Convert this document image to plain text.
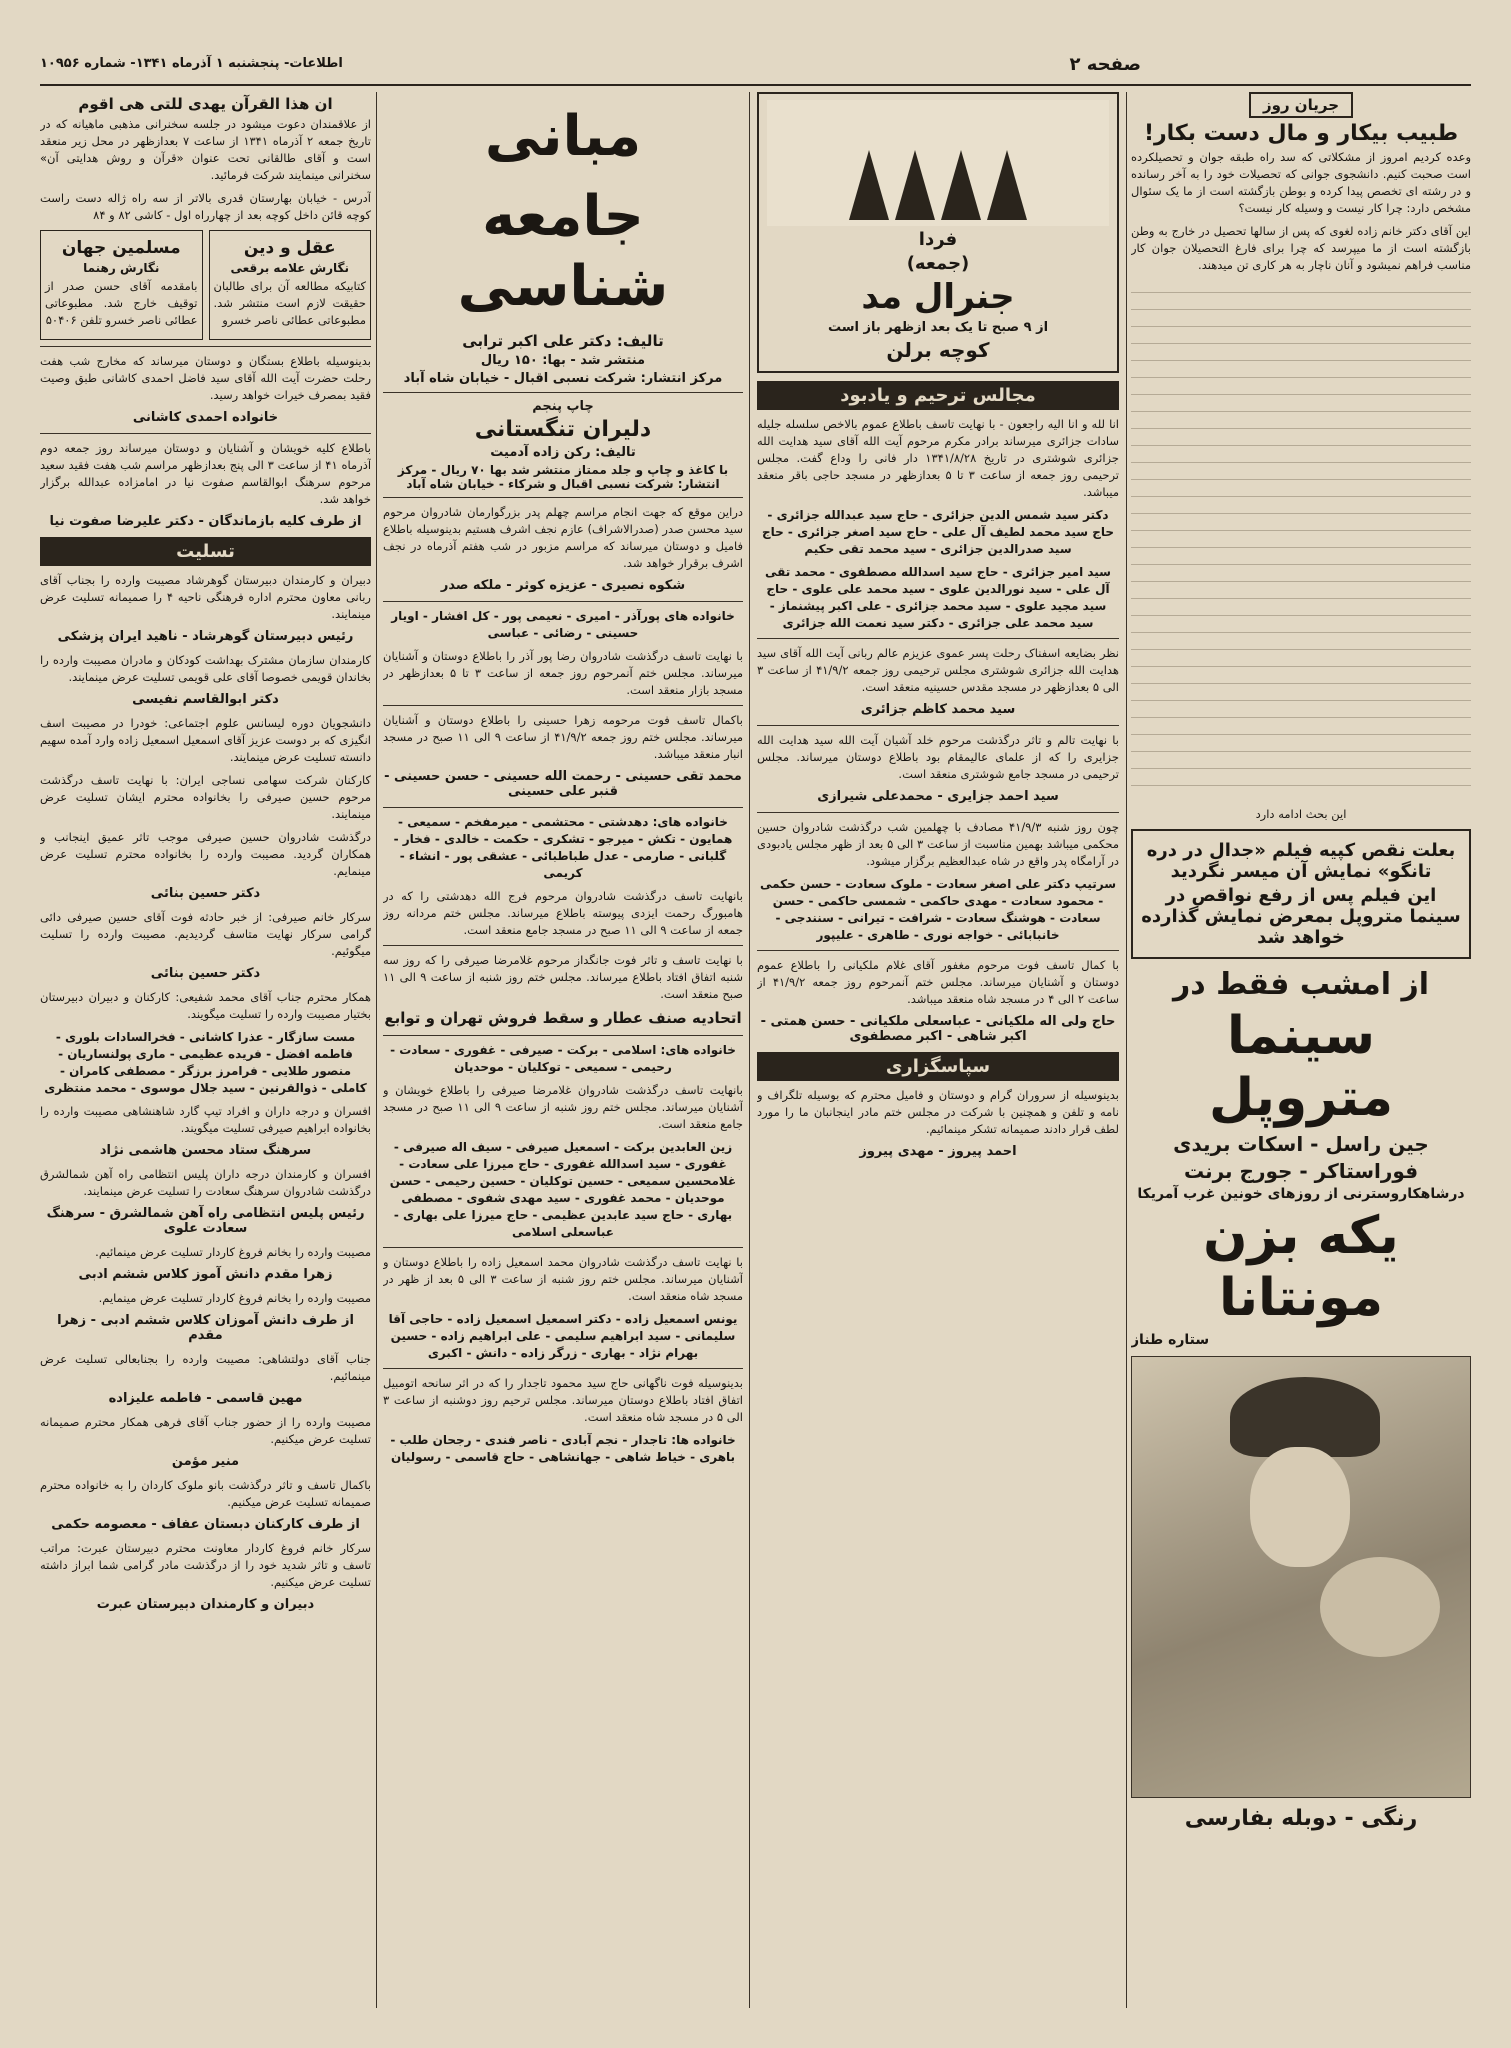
صفحه ۲
اطلاعات- پنجشنبه ۱ آذرماه ۱۳۴۱- شماره ۱۰۹۵۶
جریان روز
طبیب بیکار و مال دست بکار!
وعده کردیم امروز از مشکلاتی که سد راه طبقه جوان و تحصیلکرده است صحبت کنیم. دانشجوی جوانی که تحصیلات خود را به آخر رسانده و در رشته ای تخصص پیدا کرده و بوطن بازگشته است از ما یک سئوال مشخص دارد: چرا کار نیست و وسیله کار نیست؟
این آقای دکتر خانم زاده لغوی که پس از سالها تحصیل در خارج به وطن بازگشته است از ما میپرسد که چرا برای فارغ التحصیلان جوان کار مناسب فراهم نمیشود و آنان ناچار به هر کاری تن میدهند.
این بحث ادامه دارد
بعلت نقص کپیه فیلم «جدال در دره تانگو» نمایش آن میسر نگردید
این فیلم پس از رفع نواقص در سینما متروپل بمعرض نمایش گذارده خواهد شد
از امشب فقط در
سینما متروپل
جین راسل - اسکات بریدی
فوراستاکر - جورج برنت
درشاهکاروسترنی از روزهای خونین غرب آمریکا
یکه بزن مونتانا
ستاره طناز
رنگی - دوبله بفارسی
فردا
(جمعه)
جنرال مد
از ۹ صبح تا یک بعد ازظهر باز است
کوچه برلن
مجالس ترحیم و یادبود
انا لله و انا الیه راجعون - با نهایت تاسف باطلاع عموم بالاخص سلسله جلیله سادات جزائری میرساند برادر مکرم مرحوم آیت الله آقای سید هدایت الله جزائری شوشتری در تاریخ ۱۳۴۱/۸/۲۸ دار فانی را وداع گفت. مجلس ترحیمی روز جمعه از ساعت ۳ تا ۵ بعدازظهر در مسجد حاجی باقر منعقد میباشد.
دکتر سید شمس الدین جزائری - حاج سید عبدالله جزائری - حاج سید محمد لطیف آل علی - حاج سید اصغر جزائری - حاج سید صدرالدین جزائری - سید محمد تقی حکیم
سید امیر جزائری - حاج سید اسدالله مصطفوی - محمد تقی آل علی - سید نورالدین علوی - سید محمد علی علوی - حاج سید مجید علوی - سید محمد جزائری - علی اکبر پیشنماز - سید محمد علی جزائری - دکتر سید نعمت الله جزائری
نظر بضایعه اسفناک رحلت پسر عموی عزیزم عالم ربانی آیت الله آقای سید هدایت الله جزائری شوشتری مجلس ترحیمی روز جمعه ۴۱/۹/۲ از ساعت ۳ الی ۵ بعدازظهر در مسجد مقدس حسینیه منعقد است.
سید محمد کاظم جزائری
با نهایت تالم و تاثر درگذشت مرحوم خلد آشیان آیت الله سید هدایت الله جزایری را که از علمای عالیمقام بود باطلاع دوستان میرساند. مجلس ترحیمی در مسجد جامع شوشتری منعقد است.
سید احمد جزایری - محمدعلی شیرازی
چون روز شنبه ۴۱/۹/۳ مصادف با چهلمین شب درگذشت شادروان حسین محکمی میباشد بهمین مناسبت از ساعت ۳ الی ۵ بعد از ظهر مجلس یادبودی در آرامگاه پدر واقع در شاه عبدالعظیم برگزار میشود.
سرتیپ دکتر علی اصغر سعادت - ملوک سعادت - حسن حکمی - محمود سعادت - مهدی حاکمی - شمسی حاکمی - حسن سعادت - هوشنگ سعادت - شرافت - تیرانی - سنندجی - خانبابائی - خواجه نوری - طاهری - علیپور
با کمال تاسف فوت مرحوم مغفور آقای غلام ملکیانی را باطلاع عموم دوستان و آشنایان میرساند. مجلس ختم آنمرحوم روز جمعه ۴۱/۹/۲ از ساعت ۲ الی ۴ در مسجد شاه منعقد میباشد.
حاج ولی اله ملکیانی - عباسعلی ملکیانی - حسن همتی - اکبر شاهی - اکبر مصطفوی
سپاسگزاری
بدینوسیله از سروران گرام و دوستان و فامیل محترم که بوسیله تلگراف و نامه و تلفن و همچنین با شرکت در مجلس ختم مادر اینجانبان ما را مورد لطف قرار دادند صمیمانه تشکر مینمائیم.
احمد پیروز - مهدی پیروز
مبانی
جامعه شناسی
تالیف: دکتر علی اکبر ترابی
منتشر شد - بها: ۱۵۰ ریال
مرکز انتشار: شرکت نسبی اقبال - خیابان شاه آباد
چاپ پنجم
دلیران تنگستانی
تالیف: رکن زاده آدمیت
با کاغذ و چاپ و جلد ممتاز منتشر شد بها ۷۰ ریال - مرکز انتشار: شرکت نسبی اقبال و شرکاء - خیابان شاه آباد
دراین موقع که جهت انجام مراسم چهلم پدر بزرگوارمان شادروان مرحوم سید محسن صدر (صدرالاشراف) عازم نجف اشرف هستیم بدینوسیله باطلاع فامیل و دوستان میرساند که مراسم مزبور در شب هفتم آذرماه در نجف اشرف برقرار خواهد شد.
شکوه نصیری - عزیزه کوثر - ملکه صدر
خانواده های پورآذر - امیری - نعیمی پور - کل افشار - اویار حسینی - رضائی - عباسی
با نهایت تاسف درگذشت شادروان رضا پور آذر را باطلاع دوستان و آشنایان میرساند. مجلس ختم آنمرحوم روز جمعه از ساعت ۳ تا ۵ بعدازظهر در مسجد بازار منعقد است.
باکمال تاسف فوت مرحومه زهرا حسینی را باطلاع دوستان و آشنایان میرساند. مجلس ختم روز جمعه ۴۱/۹/۲ از ساعت ۹ الی ۱۱ صبح در مسجد انبار منعقد میباشد.
محمد تقی حسینی - رحمت الله حسینی - حسن حسینی - قنبر علی حسینی
خانواده های: دهدشتی - محتشمی - میرمفخم - سمیعی - همایون - تکش - میرجو - تشکری - حکمت - خالدی - فخار - گلبانی - صارمی - عدل طباطبائی - عشقی پور - انشاء - کریمی
بانهایت تاسف درگذشت شادروان مرحوم فرج الله دهدشتی را که در هامبورگ رحمت ایزدی پیوسته باطلاع میرساند. مجلس ختم مردانه روز جمعه از ساعت ۹ الی ۱۱ صبح در مسجد جامع منعقد است.
با نهایت تاسف و تاثر فوت جانگداز مرحوم غلامرضا صیرفی را که روز سه شنبه اتفاق افتاد باطلاع میرساند. مجلس ختم روز شنبه از ساعت ۹ الی ۱۱ صبح منعقد است.
اتحادیه صنف عطار و سقط فروش تهران و توابع
خانواده های: اسلامی - برکت - صیرفی - غفوری - سعادت - رحیمی - سمیعی - توکلیان - موحدیان
بانهایت تاسف درگذشت شادروان غلامرضا صیرفی را باطلاع خویشان و آشنایان میرساند. مجلس ختم روز شنبه از ساعت ۹ الی ۱۱ صبح در مسجد جامع منعقد است.
زین العابدین برکت - اسمعیل صیرفی - سیف اله صیرفی - غفوری - سید اسدالله غفوری - حاج میرزا علی سعادت - غلامحسین سمیعی - حسین توکلیان - حسین رحیمی - حسن موحدیان - محمد غفوری - سید مهدی شفوی - مصطفی بهاری - حاج سید عابدین عظیمی - حاج میرزا علی بهاری - عباسعلی اسلامی
با نهایت تاسف درگذشت شادروان محمد اسمعیل زاده را باطلاع دوستان و آشنایان میرساند. مجلس ختم روز شنبه از ساعت ۳ الی ۵ بعد از ظهر در مسجد شاه منعقد است.
یونس اسمعیل زاده - دکتر اسمعیل اسمعیل زاده - حاجی آقا سلیمانی - سید ابراهیم سلیمی - علی ابراهیم زاده - حسین بهرام نژاد - بهاری - زرگر زاده - دانش - اکبری
بدینوسیله فوت ناگهانی حاج سید محمود تاجدار را که در اثر سانحه اتومبیل اتفاق افتاد باطلاع دوستان میرساند. مجلس ترحیم روز دوشنبه از ساعت ۳ الی ۵ در مسجد شاه منعقد است.
خانواده ها: تاجدار - نجم آبادی - ناصر فندی - رجحان طلب - باهری - خیاط شاهی - جهانشاهی - حاج قاسمی - رسولیان
ان هذا القرآن یهدی للتی هی اقوم
از علاقمندان دعوت میشود در جلسه سخنرانی مذهبی ماهیانه که در تاریخ جمعه ۲ آذرماه ۱۳۴۱ از ساعت ۷ بعدازظهر در محل زیر منعقد است و آقای طالقانی تحت عنوان «قرآن و روش هدایتی آن» سخنرانی مینمایند شرکت فرمائید.
آدرس - خیابان بهارستان قدری بالاتر از سه راه ژاله دست راست کوچه قائن داخل کوچه بعد از چهارراه اول - کاشی ۸۲ و ۸۴
عقل و دین
نگارش علامه برقعی
کتابیکه مطالعه آن برای طالبان حقیقت لازم است منتشر شد. مطبوعاتی عطائی ناصر خسرو
مسلمین جهان
نگارش رهنما
بامقدمه آقای حسن صدر از توقیف خارج شد. مطبوعاتی عطائی ناصر خسرو تلفن ۵۰۴۰۶
بدینوسیله باطلاع بستگان و دوستان میرساند که مخارج شب هفت رحلت حضرت آیت الله آقای سید فاضل احمدی کاشانی طبق وصیت فقید بمصرف خیرات خواهد رسید.
خانواده احمدی کاشانی
باطلاع کلیه خویشان و آشنایان و دوستان میرساند روز جمعه دوم آذرماه ۴۱ از ساعت ۳ الی پنج بعدازظهر مراسم شب هفت فقید سعید مرحوم سرهنگ ابوالقاسم صفوت نیا در امامزاده عبدالله برگزار خواهد شد.
از طرف کلیه بازماندگان - دکتر علیرضا صفوت نیا
تسلیت
دبیران و کارمندان دبیرستان گوهرشاد مصیبت وارده را بجناب آقای ربانی معاون محترم اداره فرهنگی ناحیه ۴ را صمیمانه تسلیت عرض مینمایند.
رئیس دبیرستان گوهرشاد - ناهید ایران پزشکی
کارمندان سازمان مشترک بهداشت کودکان و مادران مصیبت وارده را بخاندان قویمی خصوصا آقای علی قویمی تسلیت عرض مینمایند.
دکتر ابوالقاسم نفیسی
دانشجویان دوره لیسانس علوم اجتماعی: خودرا در مصیبت اسف انگیزی که بر دوست عزیز آقای اسمعیل اسمعیل زاده وارد آمده سهیم دانسته تسلیت عرض مینمایند.
کارکنان شرکت سهامی نساجی ایران: با نهایت تاسف درگذشت مرحوم حسین صیرفی را بخانواده محترم ایشان تسلیت عرض مینمایند.
درگذشت شادروان حسین صیرفی موجب تاثر عمیق اینجانب و همکاران گردید. مصیبت وارده را بخانواده محترم تسلیت عرض مینمایم.
دکتر حسین بنائی
سرکار خانم صیرفی: از خبر حادثه فوت آقای حسین صیرفی دائی گرامی سرکار نهایت متاسف گردیدیم. مصیبت وارده را تسلیت میگوئیم.
دکتر حسین بنائی
همکار محترم جناب آقای محمد شفیعی: کارکنان و دبیران دبیرستان بختیار مصیبت وارده را تسلیت میگویند.
مست سازگار - عذرا کاشانی - فخرالسادات بلوری - فاطمه افضل - فریده عظیمی - ماری پولنساریان - منصور طلایی - فرامرز برزگر - مصطفی کامران - کاملی - ذوالقرنین - سید جلال موسوی - محمد منتظری
افسران و درجه داران و افراد تیپ گارد شاهنشاهی مصیبت وارده را بخانواده ابراهیم صیرفی تسلیت میگویند.
سرهنگ ستاد محسن هاشمی نژاد
افسران و کارمندان درجه داران پلیس انتظامی راه آهن شمالشرق درگذشت شادروان سرهنگ سعادت را تسلیت عرض مینمایند.
رئیس پلیس انتظامی راه آهن شمالشرق - سرهنگ سعادت علوی
مصیبت وارده را بخانم فروغ کاردار تسلیت عرض مینمائیم.
زهرا مقدم دانش آموز کلاس ششم ادبی
مصیبت وارده را بخانم فروغ کاردار تسلیت عرض مینمایم.
از طرف دانش آموزان کلاس ششم ادبی - زهرا مقدم
جناب آقای دولتشاهی: مصیبت وارده را بجنابعالی تسلیت عرض مینمائیم.
مهین قاسمی - فاطمه علیزاده
مصیبت وارده را از حضور جناب آقای فرهی همکار محترم صمیمانه تسلیت عرض میکنیم.
منیر مؤمن
باکمال تاسف و تاثر درگذشت بانو ملوک کاردان را به خانواده محترم صمیمانه تسلیت عرض میکنیم.
از طرف کارکنان دبستان عفاف - معصومه حکمی
سرکار خانم فروغ کاردار معاونت محترم دبیرستان عبرت: مراتب تاسف و تاثر شدید خود را از درگذشت مادر گرامی شما ابراز داشته تسلیت عرض میکنیم.
دبیران و کارمندان دبیرستان عبرت
